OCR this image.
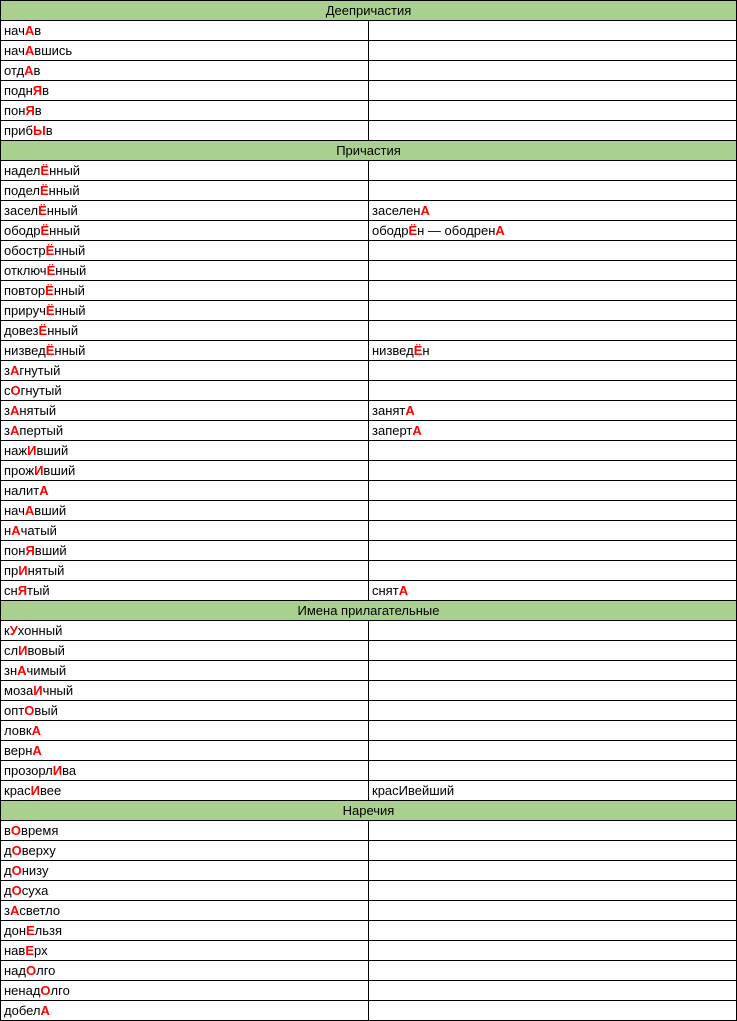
Деепричастия	
начАв	
начАвшись	
отдАв	
поднЯв	
понЯв	
прибЫв	
Причастия	
наделЁнный	
поделЁнный	
заселЁнный	заселенА
ободрЁнный	ободрЁн — ободренА
обострЁнный	
отключЁнный	
повторЁнный	
приручЁнный	
довезЁнный	
низведЁнный	низведЁн
зАгнутый	
сОгнутый	
зАнятый	занятА
зАпертый	запертА
нажИвший	
прожИвший	
налитА	
начАвший	
нАчатый	
понЯвший	
прИнятый	
снЯтый	снятА
Имена прилагательные	
кУхонный	
слИвовый	
знАчимый	
мозаИчный	
оптОвый	
ловкА	
вернА	
прозорлИва	
красИвее	красИвейший
Наречия	
вОвремя	
дОверху	
дОнизу	
дОсуха	
зАсветло	
донЕльзя	
навЕрх	
надОлго	
ненадОлго	
добелА	
